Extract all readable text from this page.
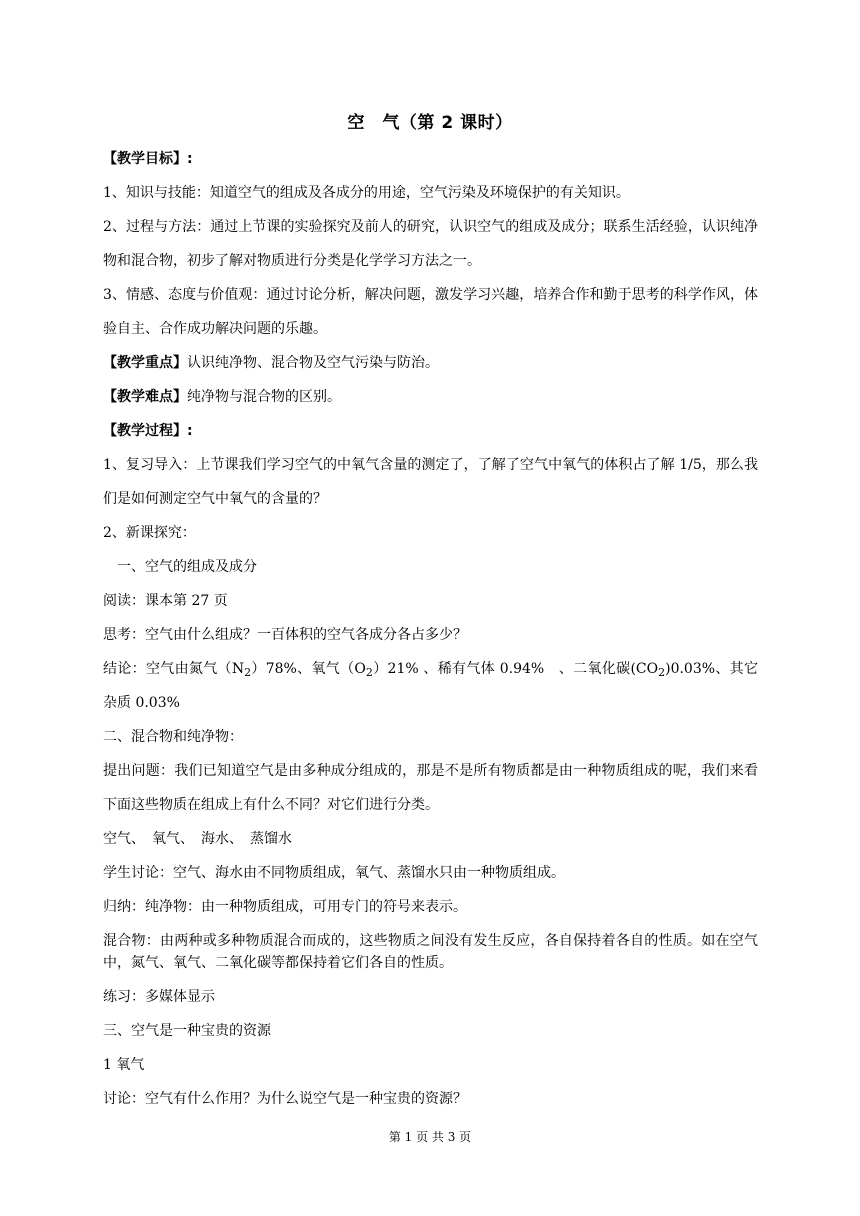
空　气（第 2 课时）

【教学目标】:

1、知识与技能：知道空气的组成及各成分的用途，空气污染及环境保护的有关知识。

2、过程与方法：通过上节课的实验探究及前人的研究，认识空气的组成及成分；联系生活经验，认识纯净物和混合物，初步了解对物质进行分类是化学学习方法之一。

3、情感、态度与价值观：通过讨论分析，解决问题，激发学习兴趣，培养合作和勤于思考的科学作风，体验自主、合作成功解决问题的乐趣。

【教学重点】认识纯净物、混合物及空气污染与防治。

【教学难点】纯净物与混合物的区别。

【教学过程】:

1、复习导入：上节课我们学习空气的中氧气含量的测定了，了解了空气中氧气的体积占了解 1/5，那么我们是如何测定空气中氧气的含量的？

2、新课探究：

一、空气的组成及成分

阅读：课本第 27 页

思考：空气由什么组成？一百体积的空气各成分各占多少？

结论：空气由氮气$(N_2)78\%$、氧气$(O_2)21\%$ 、稀有气体 0.94%　、二氧化碳$(CO_2)0.03\%$、其它杂质 0.03%

二、混合物和纯净物：

提出问题：我们已知道空气是由多种成分组成的，那是不是所有物质都是由一种物质组成的呢，我们来看下面这些物质在组成上有什么不同？对它们进行分类。

空气、　氧气、　海水、　蒸馏水

学生讨论：空气、海水由不同物质组成，氧气、蒸馏水只由一种物质组成。

归纳：纯净物：由一种物质组成，可用专门的符号来表示。

混合物：由两种或多种物质混合而成的，这些物质之间没有发生反应，各自保持着各自的性质。如在空气中，氮气、氧气、二氧化碳等都保持着它们各自的性质。

练习：多媒体显示

三、空气是一种宝贵的资源

1 氧气

讨论：空气有什么作用？为什么说空气是一种宝贵的资源？

第 1 页 共 3 页
